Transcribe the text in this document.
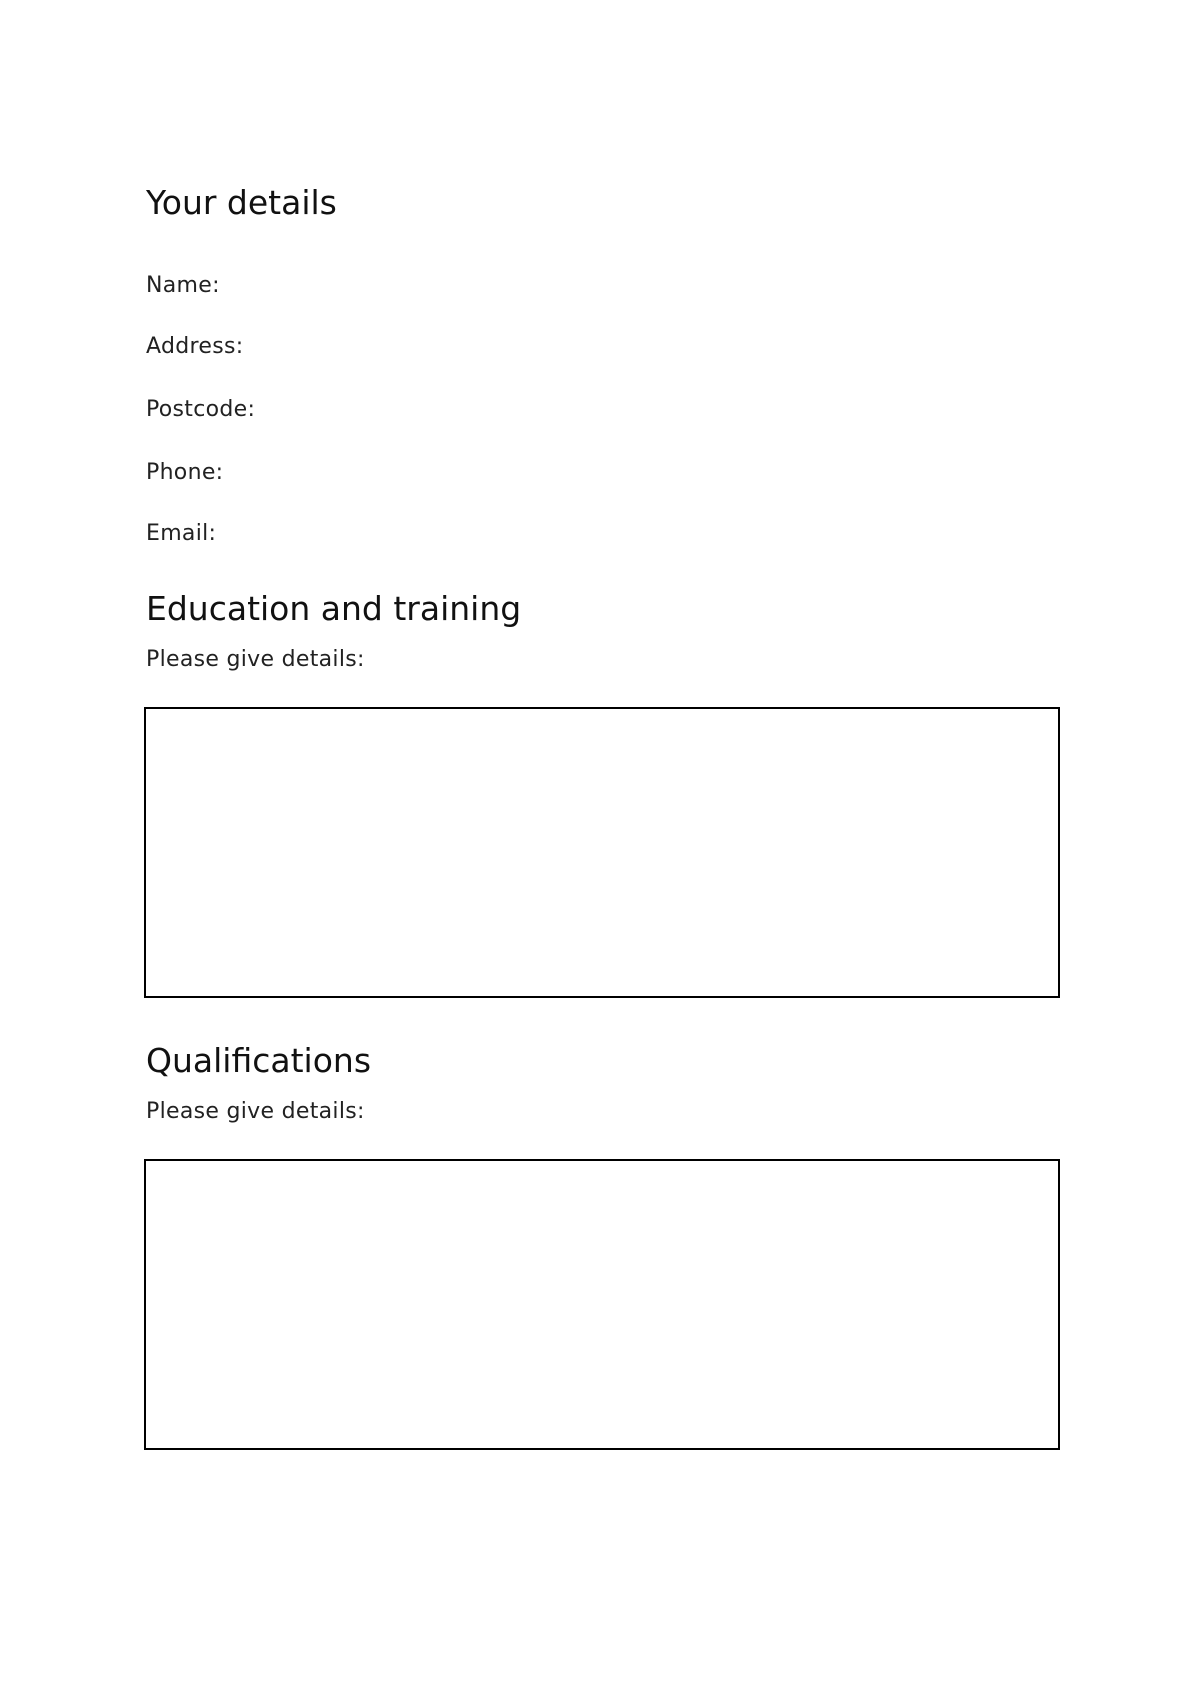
Your details

Name:

Address:

Postcode:

Phone:

Email:

Education and training

Please give details:

Qualifications

Please give details:
